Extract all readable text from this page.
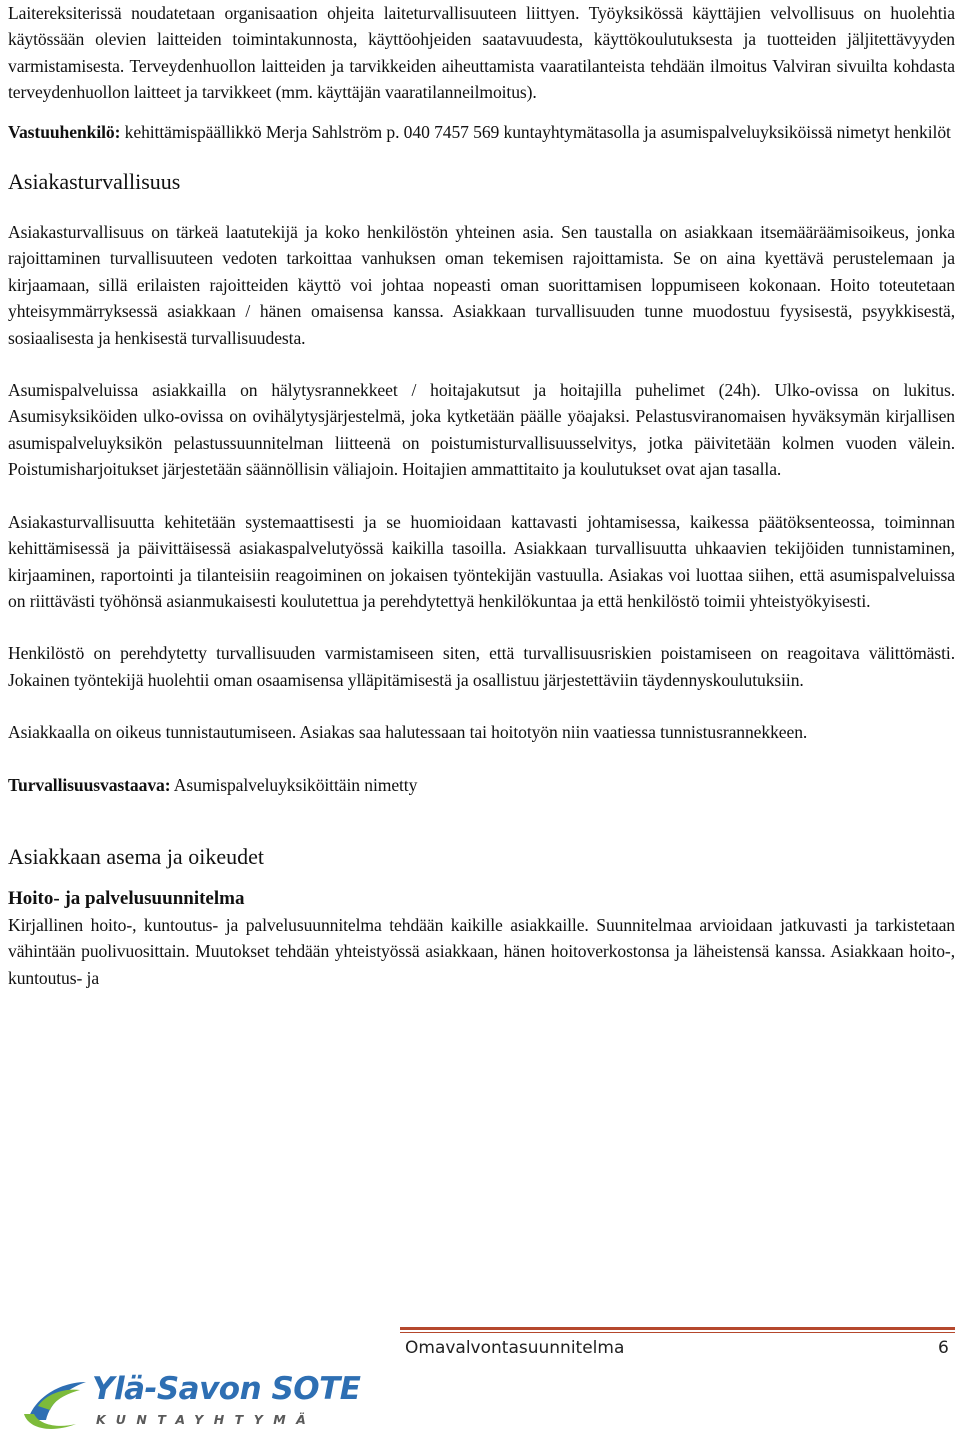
Laitereksiterissä noudatetaan organisaation ohjeita laiteturvallisuuteen liittyen. Työyksikössä käyttäjien velvollisuus on huolehtia käytössään olevien laitteiden toimintakunnosta, käyttöohjeiden saatavuudesta, käyttökoulutuksesta ja tuotteiden jäljitettävyyden varmistamisesta. Terveydenhuollon laitteiden ja tarvikkeiden aiheuttamista vaaratilanteista tehdään ilmoitus Valviran sivuilta kohdasta terveydenhuollon laitteet ja tarvikkeet (mm. käyttäjän vaaratilanneilmoitus).

Vastuuhenkilö: kehittämispäällikkö Merja Sahlström p. 040 7457 569 kuntayhtymätasolla ja asumispalveluyksiköissä nimetyt henkilöt

Asiakasturvallisuus

Asiakasturvallisuus on tärkeä laatutekijä ja koko henkilöstön yhteinen asia. Sen taustalla on asiakkaan itsemääräämisoikeus, jonka rajoittaminen turvallisuuteen vedoten tarkoittaa vanhuksen oman tekemisen rajoittamista. Se on aina kyettävä perustelemaan ja kirjaamaan, sillä erilaisten rajoitteiden käyttö voi johtaa nopeasti oman suorittamisen loppumiseen kokonaan. Hoito toteutetaan yhteisymmärryksessä asiakkaan / hänen omaisensa kanssa. Asiakkaan turvallisuuden tunne muodostuu fyysisestä, psyykkisestä, sosiaalisesta ja henkisestä turvallisuudesta.

Asumispalveluissa asiakkailla on hälytysrannekkeet / hoitajakutsut ja hoitajilla puhelimet (24h). Ulko-ovissa on lukitus. Asumisyksiköiden ulko-ovissa on ovihälytysjärjestelmä, joka kytketään päälle yöajaksi. Pelastusviranomaisen hyväksymän kirjallisen asumispalveluyksikön pelastussuunnitelman liitteenä on poistumisturvallisuusselvitys, jotka päivitetään kolmen vuoden välein. Poistumisharjoitukset järjestetään säännöllisin väliajoin. Hoitajien ammattitaito ja koulutukset ovat ajan tasalla.

Asiakasturvallisuutta kehitetään systemaattisesti ja se huomioidaan kattavasti johtamisessa, kaikessa päätöksenteossa, toiminnan kehittämisessä ja päivittäisessä asiakaspalvelutyössä kaikilla tasoilla. Asiakkaan turvallisuutta uhkaavien tekijöiden tunnistaminen, kirjaaminen, raportointi ja tilanteisiin reagoiminen on jokaisen työntekijän vastuulla. Asiakas voi luottaa siihen, että asumispalveluissa on riittävästi työhönsä asianmukaisesti koulutettua ja perehdytettyä henkilökuntaa ja että henkilöstö toimii yhteistyökyisesti.

Henkilöstö on perehdytetty turvallisuuden varmistamiseen siten, että turvallisuusriskien poistamiseen on reagoitava välittömästi. Jokainen työntekijä huolehtii oman osaamisensa ylläpitämisestä ja osallistuu järjestettäviin täydennyskoulutuksiin.

Asiakkaalla on oikeus tunnistautumiseen. Asiakas saa halutessaan tai hoitotyön niin vaatiessa tunnistusrannekkeen.

Turvallisuusvastaava: Asumispalveluyksiköittäin nimetty

Asiakkaan asema ja oikeudet
Hoito- ja palvelusuunnitelma

Kirjallinen hoito-, kuntoutus- ja palvelusuunnitelma tehdään kaikille asiakkaille. Suunnitelmaa arvioidaan jatkuvasti ja tarkistetaan vähintään puolivuosittain. Muutokset tehdään yhteistyössä asiakkaan, hänen hoitoverkostonsa ja läheistensä kanssa. Asiakkaan hoito-, kuntoutus- ja

Omavalvontasuunnitelma	6
Ylä-Savon SOTE
KUNTAYHTYMÄ
